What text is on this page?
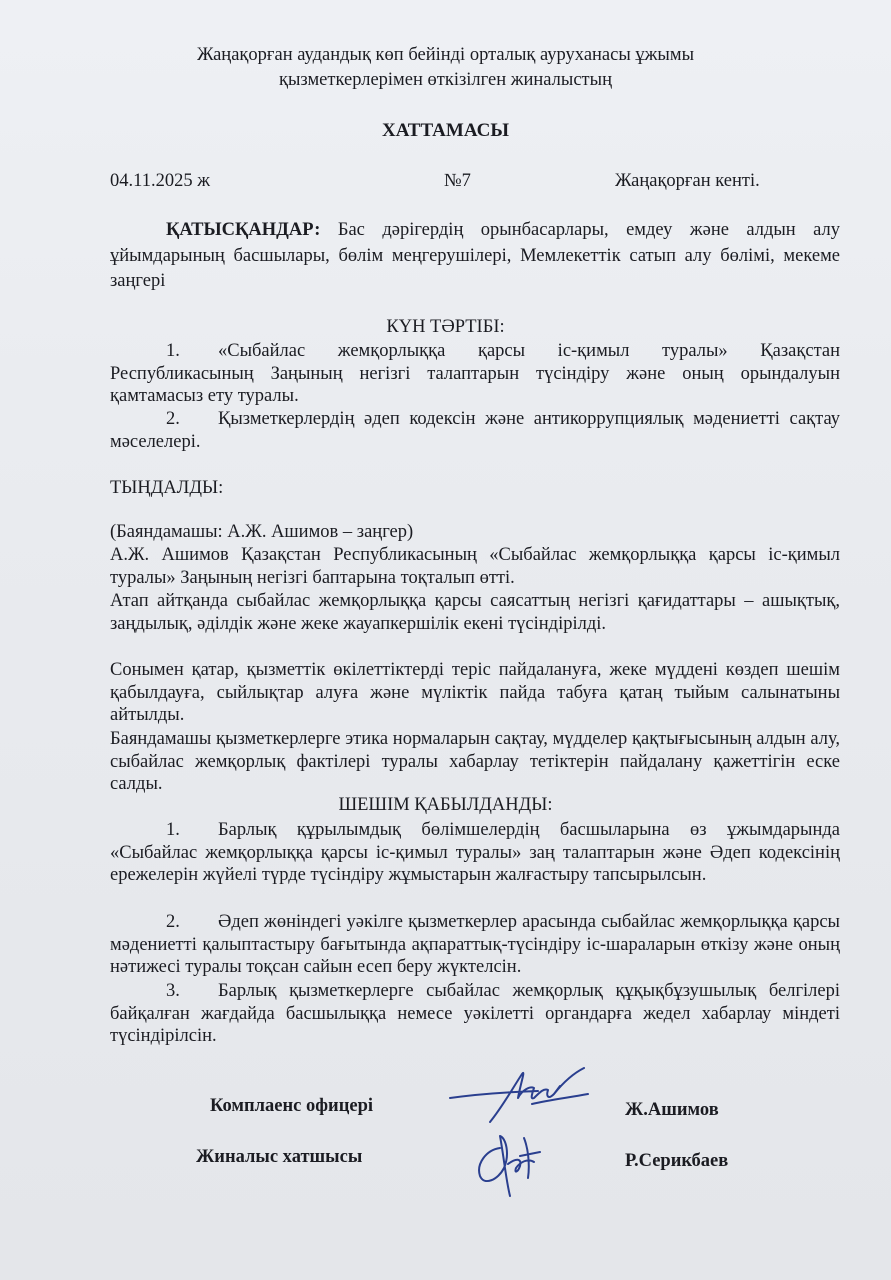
Жаңақорған аудандық көп бейінді орталық ауруханасы ұжымы
қызметкерлерімен өткізілген жиналыстың
ХАТТАМАСЫ
04.11.2025 ж	№7	Жаңақорған кенті.
ҚАТЫСҚАНДАР: Бас дәрігердің орынбасарлары, емдеу және алдын алу ұйымдарының басшылары, бөлім меңгерушілері, Мемлекеттік сатып алу бөлімі, мекеме заңгері
КҮН ТӘРТІБІ:
1. «Сыбайлас жемқорлыққа қарсы іс-қимыл туралы» Қазақстан Республикасының Заңының негізгі талаптарын түсіндіру және оның орындалуын қамтамасыз ету туралы.
2. Қызметкерлердің әдеп кодексін және антикоррупциялық мәдениетті сақтау мәселелері.
ТЫҢДАЛДЫ:
(Баяндамашы: А.Ж. Ашимов – заңгер)
А.Ж. Ашимов Қазақстан Республикасының «Сыбайлас жемқорлыққа қарсы іс-қимыл туралы» Заңының негізгі баптарына тоқталып өтті.
Атап айтқанда сыбайлас жемқорлыққа қарсы саясаттың негізгі қағидаттары – ашықтық, заңдылық, әділдік және жеке жауапкершілік екені түсіндірілді.
Сонымен қатар, қызметтік өкілеттіктерді теріс пайдалануға, жеке мүддені көздеп шешім қабылдауға, сыйлықтар алуға және мүліктік пайда табуға қатаң тыйым салынатыны айтылды.
Баяндамашы қызметкерлерге этика нормаларын сақтау, мүдделер қақтығысының алдын алу, сыбайлас жемқорлық фактілері туралы хабарлау тетіктерін пайдалану қажеттігін еске салды.
ШЕШІМ ҚАБЫЛДАНДЫ:
1. Барлық құрылымдық бөлімшелердің басшыларына өз ұжымдарында «Сыбайлас жемқорлыққа қарсы іс-қимыл туралы» заң талаптарын және Әдеп кодексінің ережелерін жүйелі түрде түсіндіру жұмыстарын жалғастыру тапсырылсын.
2. Әдеп жөніндегі уәкілге қызметкерлер арасында сыбайлас жемқорлыққа қарсы мәдениетті қалыптастыру бағытында ақпараттық-түсіндіру іс-шараларын өткізу және оның нәтижесі туралы тоқсан сайын есеп беру жүктелсін.
3. Барлық қызметкерлерге сыбайлас жемқорлық құқықбұзушылық белгілері байқалған жағдайда басшылыққа немесе уәкілетті органдарға жедел хабарлау міндеті түсіндірілсін.
Комплаенс офицері	Ж.Ашимов
Жиналыс хатшысы	Р.Серикбаев
